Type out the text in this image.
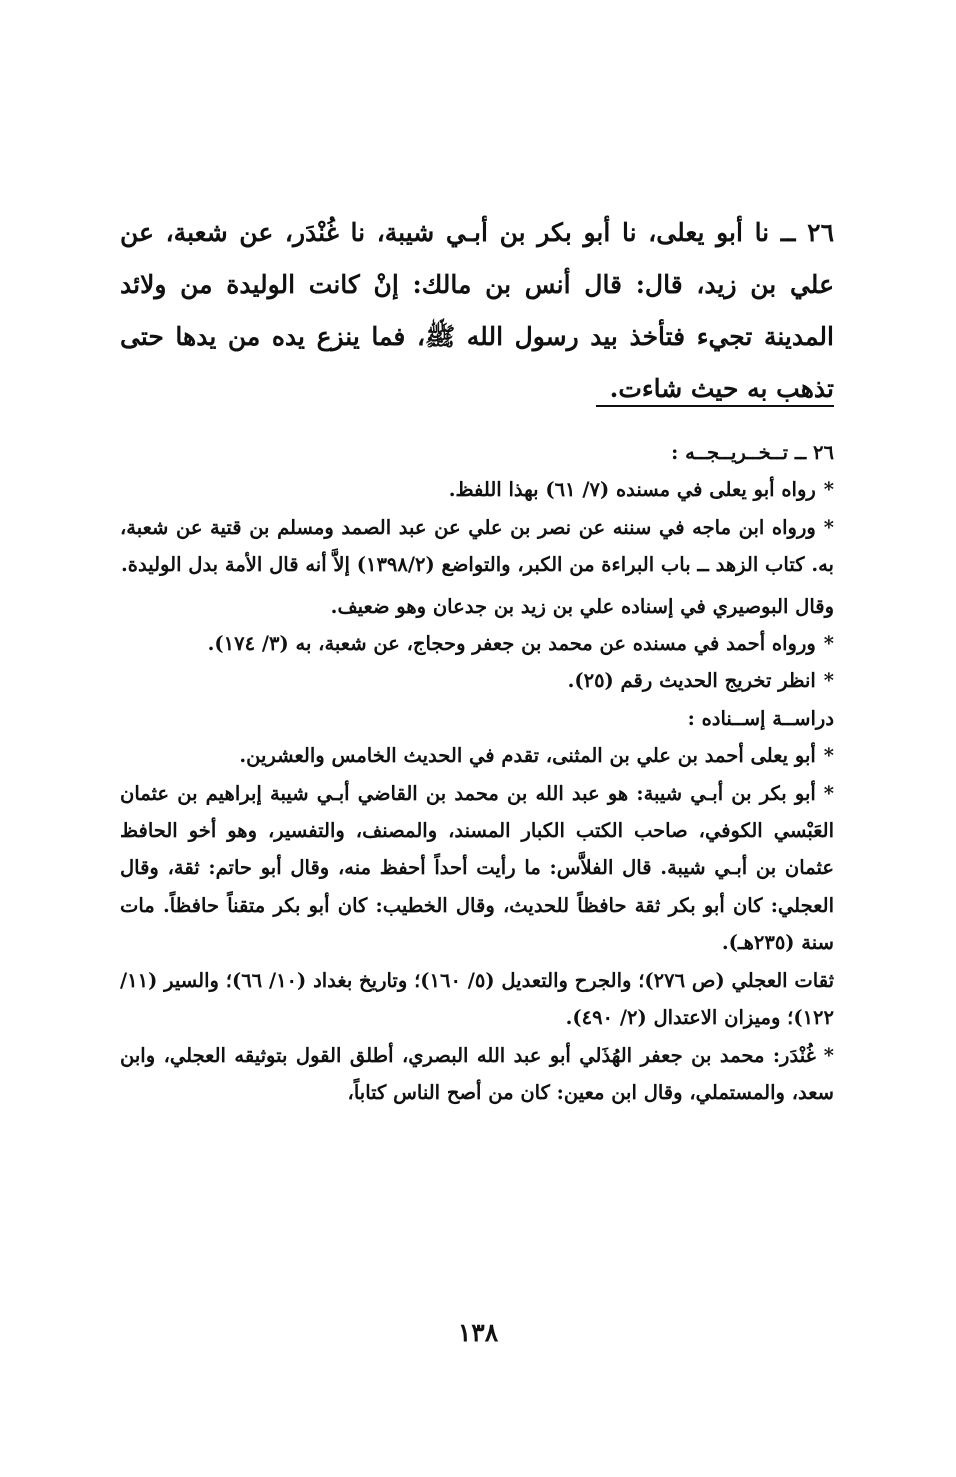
٢٦ ــ نا أبو يعلى، نا أبو بكر بن أبـي شيبة، نا غُنْدَر، عن شعبة، عن علي بن زيد، قال: قال أنس بن مالك: إنْ كانت الوليدة من ولائد المدينة تجيء فتأخذ بيد رسول الله ﷺ، فما ينزع يده من يدها حتى تذهب به حيث شاءت.

٢٦ ــ تــخــريــجــه :

*رواه أبو يعلى في مسنده (٧/ ٦١) بهذا اللفظ.

*ورواه ابن ماجه في سننه عن نصر بن علي عن عبد الصمد ومسلم بن قتية عن شعبة، به. كتاب الزهد ــ باب البراءة من الكبر، والتواضع (١٣٩٨/٢) إلاَّ أنه قال الأمة بدل الوليدة.

وقال البوصيري في إسناده علي بن زيد بن جدعان وهو ضعيف.

*ورواه أحمد في مسنده عن محمد بن جعفر وحجاج، عن شعبة، به (٣/ ١٧٤).

*انظر تخريج الحديث رقم (٢٥).

دراســة إســناده :

*أبو يعلى أحمد بن علي بن المثنى، تقدم في الحديث الخامس والعشرين.

*أبو بكر بن أبـي شيبة: هو عبد الله بن محمد بن القاضي أبـي شيبة إبراهيم بن عثمان العَبْسي الكوفي، صاحب الكتب الكبار المسند، والمصنف، والتفسير، وهو أخو الحافظ عثمان بن أبـي شيبة. قال الفلاَّس: ما رأيت أحداً أحفظ منه، وقال أبو حاتم: ثقة، وقال العجلي: كان أبو بكر ثقة حافظاً للحديث، وقال الخطيب: كان أبو بكر متقناً حافظاً. مات سنة (٢٣٥هـ).

ثقات العجلي (ص ٢٧٦)؛ والجرح والتعديل (٥/ ١٦٠)؛ وتاريخ بغداد (١٠/ ٦٦)؛ والسير (١١/ ١٢٢)؛ وميزان الاعتدال (٢/ ٤٩٠).

*غُنْدَر: محمد بن جعفر الهُذَلي أبو عبد الله البصري، أطلق القول بتوثيقه العجلي، وابن سعد، والمستملي، وقال ابن معين: كان من أصح الناس كتاباً،

١٣٨
